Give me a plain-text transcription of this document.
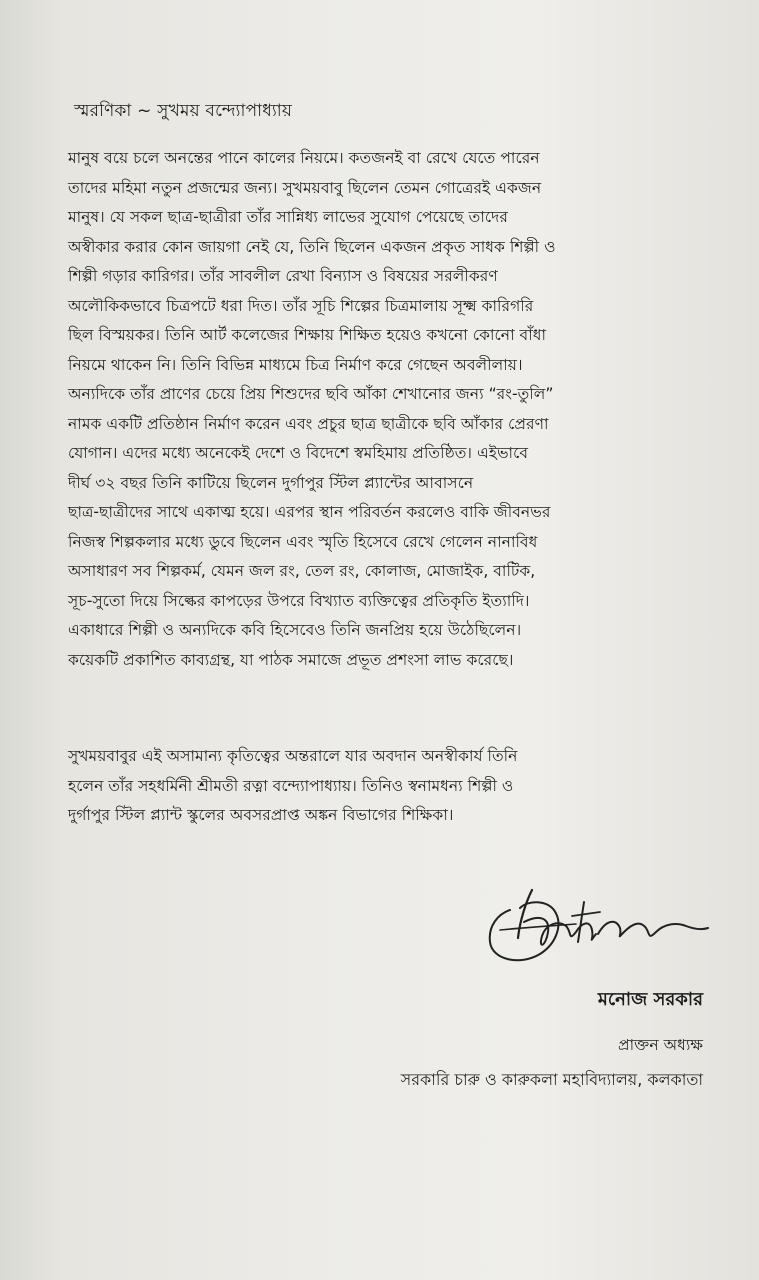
স্মরণিকা ~ সুখময় বন্দ্যোপাধ্যায়
মানুষ বয়ে চলে অনন্তের পানে কালের নিয়মে। কতজনই বা রেখে যেতে পারেন
তাদের মহিমা নতুন প্রজন্মের জন্য। সুখময়বাবু ছিলেন তেমন গোত্রেরই একজন
মানুষ। যে সকল ছাত্র-ছাত্রীরা তাঁর সান্নিধ্য লাভের সুযোগ পেয়েছে তাদের
অস্বীকার করার কোন জায়গা নেই যে, তিনি ছিলেন একজন প্রকৃত সাধক শিল্পী ও
শিল্পী গড়ার কারিগর। তাঁর সাবলীল রেখা বিন্যাস ও বিষয়ের সরলীকরণ
অলৌকিকভাবে চিত্রপটে ধরা দিত। তাঁর সূচি শিল্পের চিত্রমালায় সূক্ষ্ম কারিগরি
ছিল বিস্ময়কর। তিনি আর্ট কলেজের শিক্ষায় শিক্ষিত হয়েও কখনো কোনো বাঁধা
নিয়মে থাকেন নি। তিনি বিভিন্ন মাধ্যমে চিত্র নির্মাণ করে গেছেন অবলীলায়।
অন্যদিকে তাঁর প্রাণের চেয়ে প্রিয় শিশুদের ছবি আঁকা শেখানোর জন্য “রং-তুলি”
নামক একটি প্রতিষ্ঠান নির্মাণ করেন এবং প্রচুর ছাত্র ছাত্রীকে ছবি আঁকার প্রেরণা
যোগান। এদের মধ্যে অনেকেই দেশে ও বিদেশে স্বমহিমায় প্রতিষ্ঠিত। এইভাবে
দীর্ঘ ৩২ বছর তিনি কাটিয়ে ছিলেন দুর্গাপুর স্টিল প্ল্যান্টের আবাসনে
ছাত্র-ছাত্রীদের সাথে একাত্ম হয়ে। এরপর স্থান পরিবর্তন করলেও বাকি জীবনভর
নিজস্ব শিল্পকলার মধ্যে ডুবে ছিলেন এবং স্মৃতি হিসেবে রেখে গেলেন নানাবিধ
অসাধারণ সব শিল্পকর্ম, যেমন জল রং, তেল রং, কোলাজ, মোজাইক, বাটিক,
সূচ-সুতো দিয়ে সিল্কের কাপড়ের উপরে বিখ্যাত ব্যক্তিত্বের প্রতিকৃতি ইত্যাদি।
একাধারে শিল্পী ও অন্যদিকে কবি হিসেবেও তিনি জনপ্রিয় হয়ে উঠেছিলেন।
কয়েকটি প্রকাশিত কাব্যগ্রন্থ, যা পাঠক সমাজে প্রভূত প্রশংসা লাভ করেছে।
সুখময়বাবুর এই অসামান্য কৃতিত্বের অন্তরালে যার অবদান অনস্বীকার্য তিনি
হলেন তাঁর সহধর্মিনী শ্রীমতী রত্না বন্দ্যোপাধ্যায়। তিনিও স্বনামধন্য শিল্পী ও
দুর্গাপুর স্টিল প্ল্যান্ট স্কুলের অবসরপ্রাপ্ত অঙ্কন বিভাগের শিক্ষিকা।
মনোজ সরকার
প্রাক্তন অধ্যক্ষ
সরকারি চারু ও কারুকলা মহাবিদ্যালয়, কলকাতা
